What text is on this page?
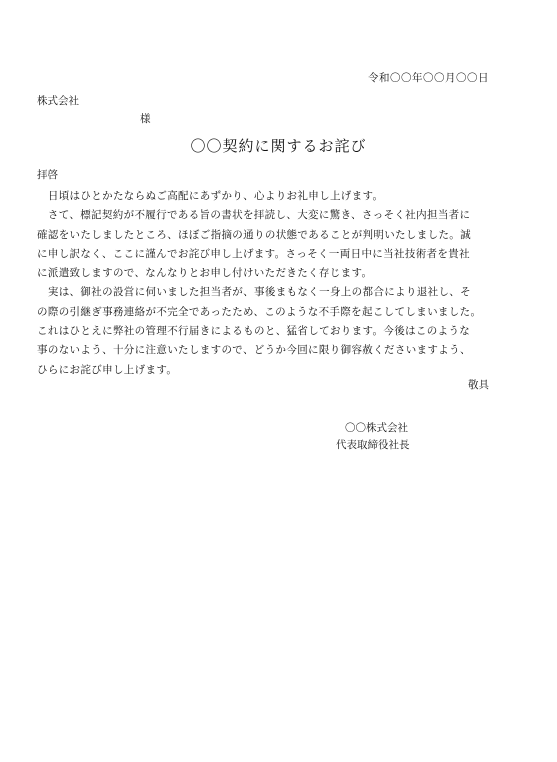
令和〇〇年〇〇月〇〇日
株式会社
様
〇〇契約に関するお詫び
拝啓
　日頃はひとかたならぬご高配にあずかり、心よりお礼申し上げます。
　さて、標記契約が不履行である旨の書状を拝読し、大変に驚き、さっそく社内担当者に
確認をいたしましたところ、ほぼご指摘の通りの状態であることが判明いたしました。誠
に申し訳なく、ここに謹んでお詫び申し上げます。さっそく一両日中に当社技術者を貴社
に派遣致しますので、なんなりとお申し付けいただきたく存じます。
　実は、御社の設営に伺いました担当者が、事後まもなく一身上の都合により退社し、そ
の際の引継ぎ事務連絡が不完全であったため、このような不手際を起こしてしまいました。
これはひとえに弊社の管理不行届きによるものと、猛省しております。今後はこのような
事のないよう、十分に注意いたしますので、どうか今回に限り御容赦くださいますよう、
ひらにお詫び申し上げます。
敬具
〇〇株式会社
代表取締役社長
